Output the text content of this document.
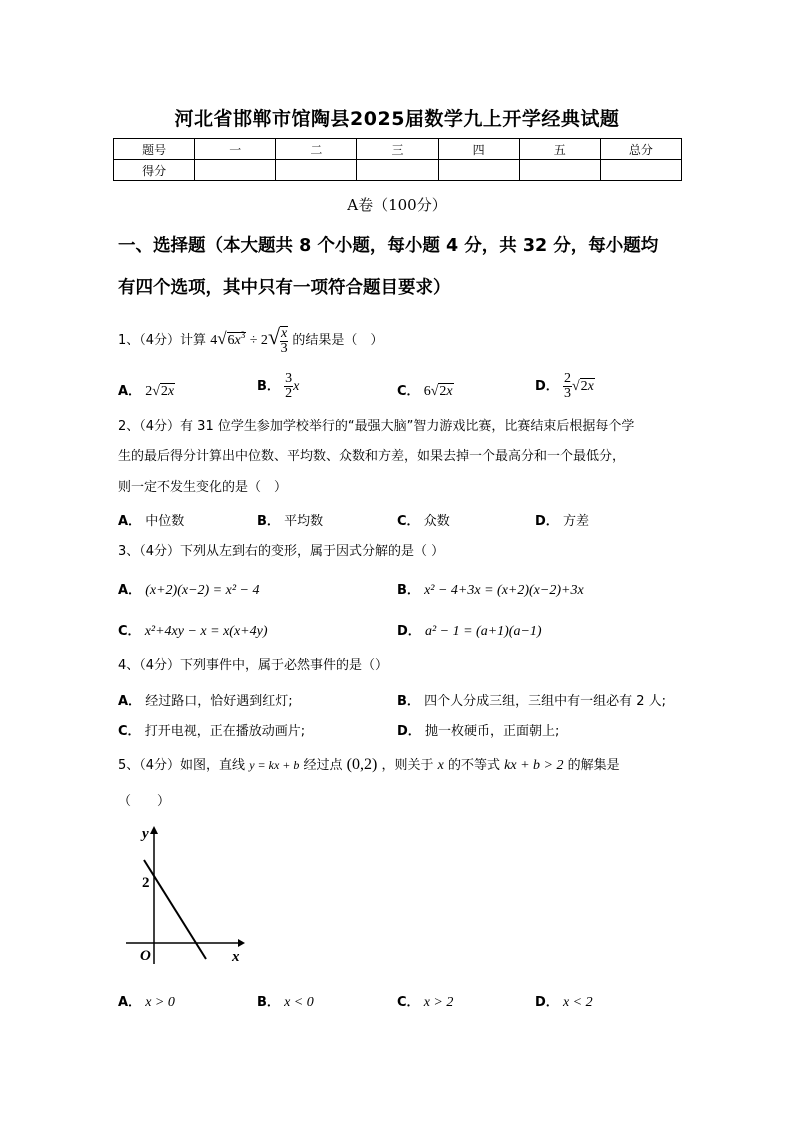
河北省邯郸市馆陶县2025届数学九上开学经典试题
题号	一	二	三	四	五	总分
得分						
A卷（100分）
一、选择题（本大题共 8 个小题，每小题 4 分，共 32 分，每小题均
有四个选项，其中只有一项符合题目要求）
1、（4分）计算 $4√6x^3 \div 2√ \frac{x}{3}$ 的结果是（　）
A． 2√2x	B． $\frac{3}{2}$ x	C． 6√2x	D． $\frac{2}{3} √2x$
2、（4分）有 31 位学生参加学校举行的“最强大脑”智力游戏比赛，比赛结束后根据每个学
生的最后得分计算出中位数、平均数、众数和方差，如果去掉一个最高分和一个最低分，
则一定不发生变化的是（　）
A． 中位数	B． 平均数	C． 众数	D． 方差
3、（4分）下列从左到右的变形，属于因式分解的是（ ）
A． (x+2)(x−2) = x² − 4	B． x² − 4+3x = (x+2)(x−2)+3x
C． x²+4xy − x = x(x+4y)	D． a² − 1 = (a+1)(a−1)
4、（4分）下列事件中，属于必然事件的是（）
A． 经过路口，恰好遇到红灯;	B． 四个人分成三组，三组中有一组必有 2 人;
C． 打开电视，正在播放动画片;	D． 抛一枚硬币，正面朝上;
5、（4分）如图，直线 y = kx + b 经过点 (0,2) ，则关于 x 的不等式 kx + b > 2 的解集是
（　　）
y
x
O
2
A． x > 0	B． x < 0	C． x > 2	D． x < 2
